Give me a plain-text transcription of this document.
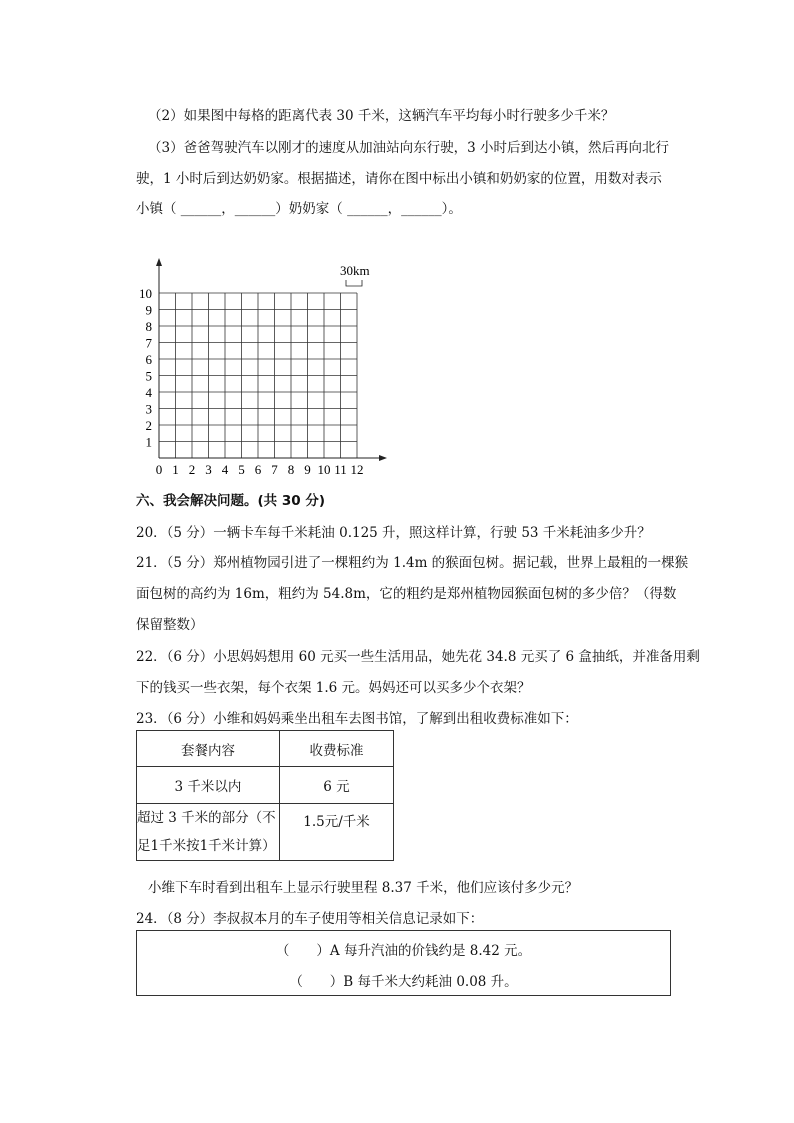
（2）如果图中每格的距离代表 30 千米，这辆汽车平均每小时行驶多少千米？
（3）爸爸驾驶汽车以刚才的速度从加油站向东行驶，3 小时后到达小镇，然后再向北行
驶，1 小时后到达奶奶家。根据描述，请你在图中标出小镇和奶奶家的位置，用数对表示
小镇（ ______，______）奶奶家（ ______，______）。
30km
0 1 2 3 4 5 6 7 8 9 10 11 12
1
2
3
4
5
6
7
8
9
10
六、我会解决问题。(共 30 分)
20．（5 分）一辆卡车每千米耗油 0.125 升，照这样计算，行驶 53 千米耗油多少升？
21．（5 分）郑州植物园引进了一棵粗约为 1.4m 的猴面包树。据记载，世界上最粗的一棵猴
面包树的高约为 16m，粗约为 54.8m，它的粗约是郑州植物园猴面包树的多少倍？（得数
保留整数）
22．（6 分）小思妈妈想用 60 元买一些生活用品，她先花 34.8 元买了 6 盒抽纸，并准备用剩
下的钱买一些衣架，每个衣架 1.6 元。妈妈还可以买多少个衣架？
23．（6 分）小维和妈妈乘坐出租车去图书馆，了解到出租收费标准如下：
套餐内容	收费标准
3 千米以内	6 元

超过 3 千米的部分（不
足1千米按1千米计算）	1.5元/千米
小维下车时看到出租车上显示行驶里程 8.37 千米，他们应该付多少元？
24．（8 分）李叔叔本月的车子使用等相关信息记录如下：
（　　）A 每升汽油的价钱约是 8.42 元。
（　　）B 每千米大约耗油 0.08 升。
